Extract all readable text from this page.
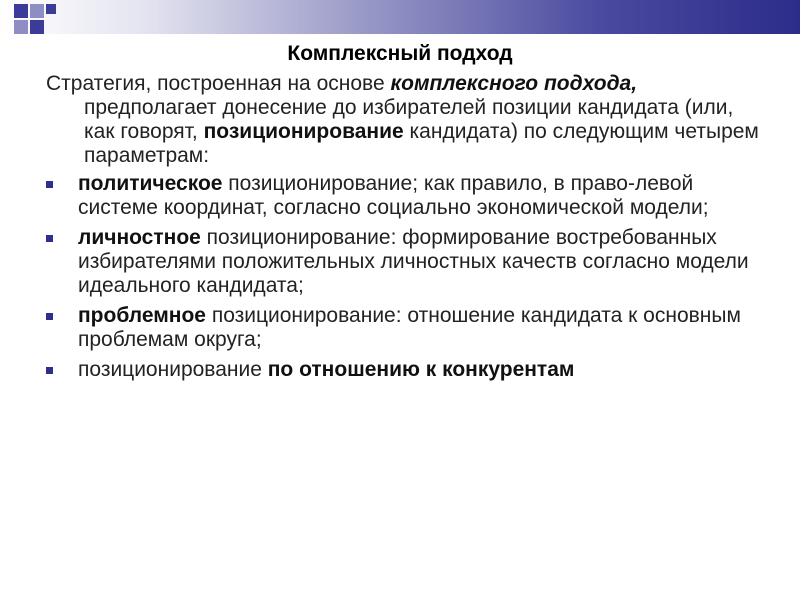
Комплексный подход

Стратегия, построенная на основе комплексного подхода, предполагает донесение до избирателей позиции кандидата (или, как говорят, позиционирование кандидата) по следующим четырем параметрам:

политическое позиционирование; как правило, в право-левой системе координат, согласно социально экономической модели;
личностное позиционирование: формирование востребованных избирателями положительных личностных качеств согласно модели идеального кандидата;
проблемное позиционирование: отношение кандидата к основным проблемам округа;
позиционирование по отношению к конкурентам
